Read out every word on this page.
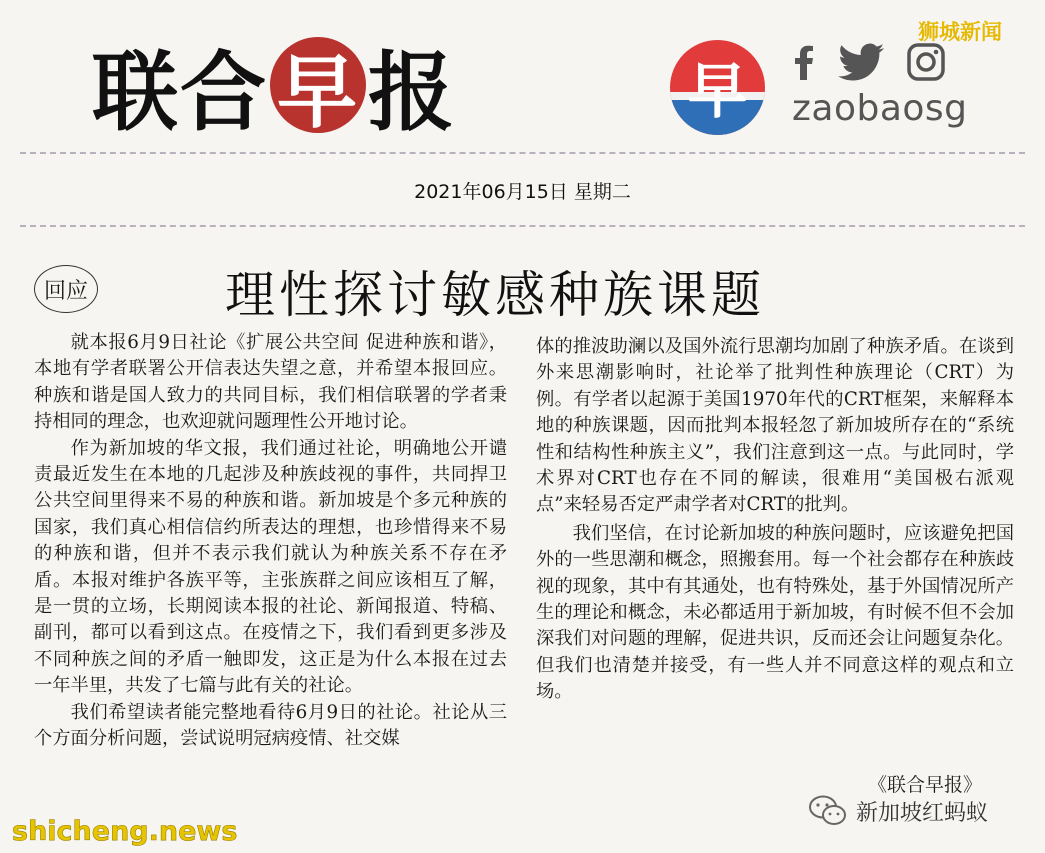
狮城新闻
联 合 早 报	早	zaobaosg
2021年06月15日 星期二
回应	理性探讨敏感种族课题

就本报6月9日社论《扩展公共空间 促进种族和谐》，本地有学者联署公开信表达失望之意，并希望本报回应。种族和谐是国人致力的共同目标，我们相信联署的学者秉持相同的理念，也欢迎就问题理性公开地讨论。

作为新加坡的华文报，我们通过社论，明确地公开谴责最近发生在本地的几起涉及种族歧视的事件，共同捍卫公共空间里得来不易的种族和谐。新加坡是个多元种族的国家，我们真心相信信约所表达的理想，也珍惜得来不易的种族和谐，但并不表示我们就认为种族关系不存在矛盾。本报对维护各族平等，主张族群之间应该相互了解，是一贯的立场，长期阅读本报的社论、新闻报道、特稿、副刊，都可以看到这点。在疫情之下，我们看到更多涉及不同种族之间的矛盾一触即发，这正是为什么本报在过去一年半里，共发了七篇与此有关的社论。

我们希望读者能完整地看待6月9日的社论。社论从三个方面分析问题，尝试说明冠病疫情、社交媒

体的推波助澜以及国外流行思潮均加剧了种族矛盾。在谈到外来思潮影响时，社论举了批判性种族理论（CRT）为例。有学者以起源于美国1970年代的CRT框架，来解释本地的种族课题，因而批判本报轻忽了新加坡所存在的“系统性和结构性种族主义”，我们注意到这一点。与此同时，学术界对CRT也存在不同的解读，很难用“美国极右派观点”来轻易否定严肃学者对CRT的批判。

我们坚信，在讨论新加坡的种族问题时，应该避免把国外的一些思潮和概念，照搬套用。每一个社会都存在种族歧视的现象，其中有其通处，也有特殊处，基于外国情况所产生的理论和概念，未必都适用于新加坡，有时候不但不会加深我们对问题的理解，促进共识，反而还会让问题复杂化。但我们也清楚并接受，有一些人并不同意这样的观点和立场。

《联合早报》
新加坡红蚂蚁
shicheng.news
